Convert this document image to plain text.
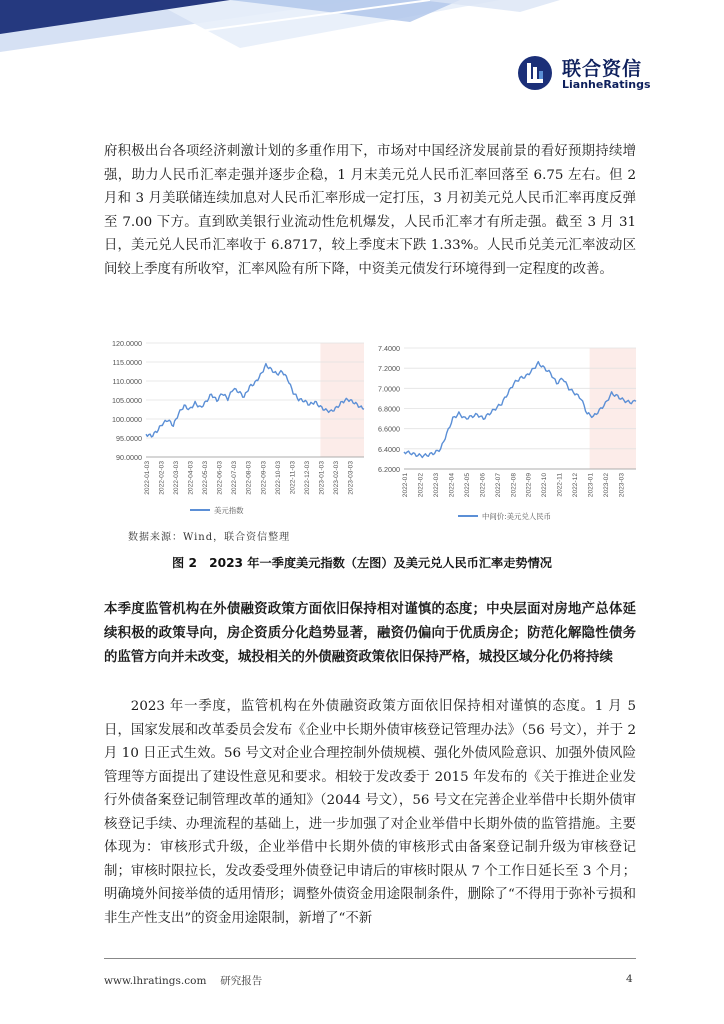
联合资信
LianheRatings

府积极出台各项经济刺激计划的多重作用下，市场对中国经济发展前景的看好预期持续增强，助力人民币汇率走强并逐步企稳，1 月末美元兑人民币汇率回落至 6.75 左右。但 2 月和 3 月美联储连续加息对人民币汇率形成一定打压，3 月初美元兑人民币汇率再度反弹至 7.00 下方。直到欧美银行业流动性危机爆发，人民币汇率才有所走强。截至 3 月 31 日，美元兑人民币汇率收于 6.8717，较上季度末下跌 1.33%。人民币兑美元汇率波动区间较上季度有所收窄，汇率风险有所下降，中资美元债发行环境得到一定程度的改善。

90.0000
95.0000
100.0000
105.0000
110.0000
115.0000
120.0000
2022-01-03 2022-02-03 2022-03-03 2022-04-03 2022-05-03 2022-06-03 2022-07-03 2022-08-03 2022-09-03 2022-10-03 2022-11-03 2022-12-03 2023-01-03 2023-02-03 2023-03-03
美元指数
6.2000
6.4000
6.6000
6.8000
7.0000
7.2000
7.4000
2022-01 2022-02 2022-03 2022-04 2022-05 2022-06 2022-07 2022-08 2022-09 2022-10 2022-11 2022-12 2023-01 2023-02 2023-03
中间价:美元兑人民币
数据来源：Wind，联合资信整理
图 2　2023 年一季度美元指数（左图）及美元兑人民币汇率走势情况

本季度监管机构在外债融资政策方面依旧保持相对谨慎的态度；中央层面对房地产总体延续积极的政策导向，房企资质分化趋势显著，融资仍偏向于优质房企；防范化解隐性债务的监管方向并未改变，城投相关的外债融资政策依旧保持严格，城投区域分化仍将持续

2023 年一季度，监管机构在外债融资政策方面依旧保持相对谨慎的态度。1 月 5 日，国家发展和改革委员会发布《企业中长期外债审核登记管理办法》（56 号文），并于 2 月 10 日正式生效。56 号文对企业合理控制外债规模、强化外债风险意识、加强外债风险管理等方面提出了建设性意见和要求。相较于发改委于 2015 年发布的《关于推进企业发行外债备案登记制管理改革的通知》（2044 号文），56 号文在完善企业举借中长期外债审核登记手续、办理流程的基础上，进一步加强了对企业举借中长期外债的监管措施。主要体现为：审核形式升级，企业举借中长期外债的审核形式由备案登记制升级为审核登记制；审核时限拉长，发改委受理外债登记申请后的审核时限从 7 个工作日延长至 3 个月；明确境外间接举债的适用情形；调整外债资金用途限制条件，删除了“不得用于弥补亏损和非生产性支出”的资金用途限制，新增了“不新

www.lhratings.com　 研究报告	4
